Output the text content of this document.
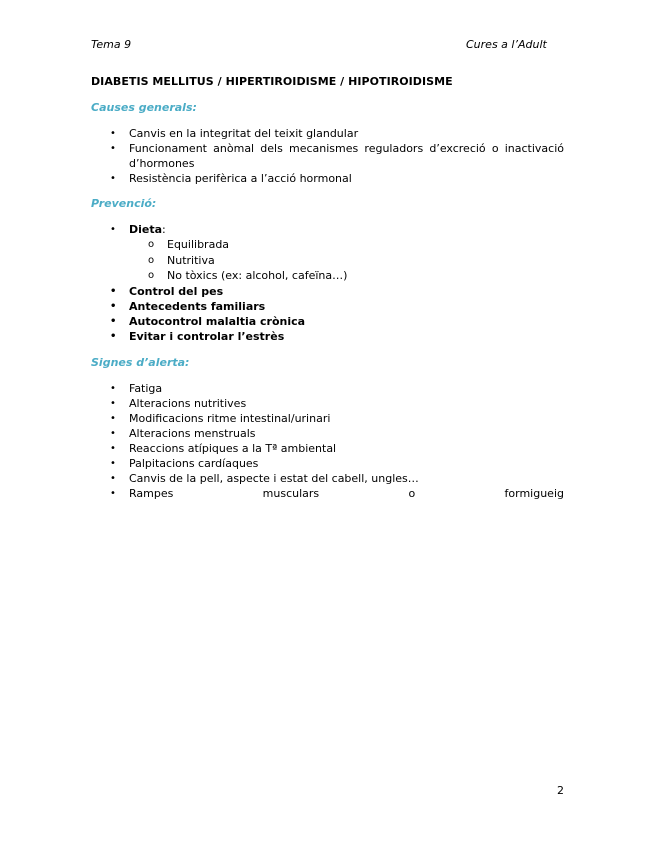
Tema 9	Cures a l’Adult
DIABETIS MELLITUS / HIPERTIROIDISME / HIPOTIROIDISME
Causes generals:
• Canvis en la integritat del teixit glandular
• Funcionament anòmal dels mecanismes reguladors d’excreció o inactivació d’hormones
• Resistència perifèrica a l’acció hormonal
Prevenció:
• Dieta:
o Equilibrada
o Nutritiva
o No tòxics (ex: alcohol, cafeïna…)
• Control del pes
• Antecedents familiars
• Autocontrol malaltia crònica
• Evitar i controlar l’estrès
Signes d’alerta:
• Fatiga
• Alteracions nutritives
• Modificacions ritme intestinal/urinari
• Alteracions menstruals
• Reaccions atípiques a la Tª ambiental
• Palpitacions cardíaques
• Canvis de la pell, aspecte i estat del cabell, ungles…
• Rampes	musculars	o	formigueig
2
